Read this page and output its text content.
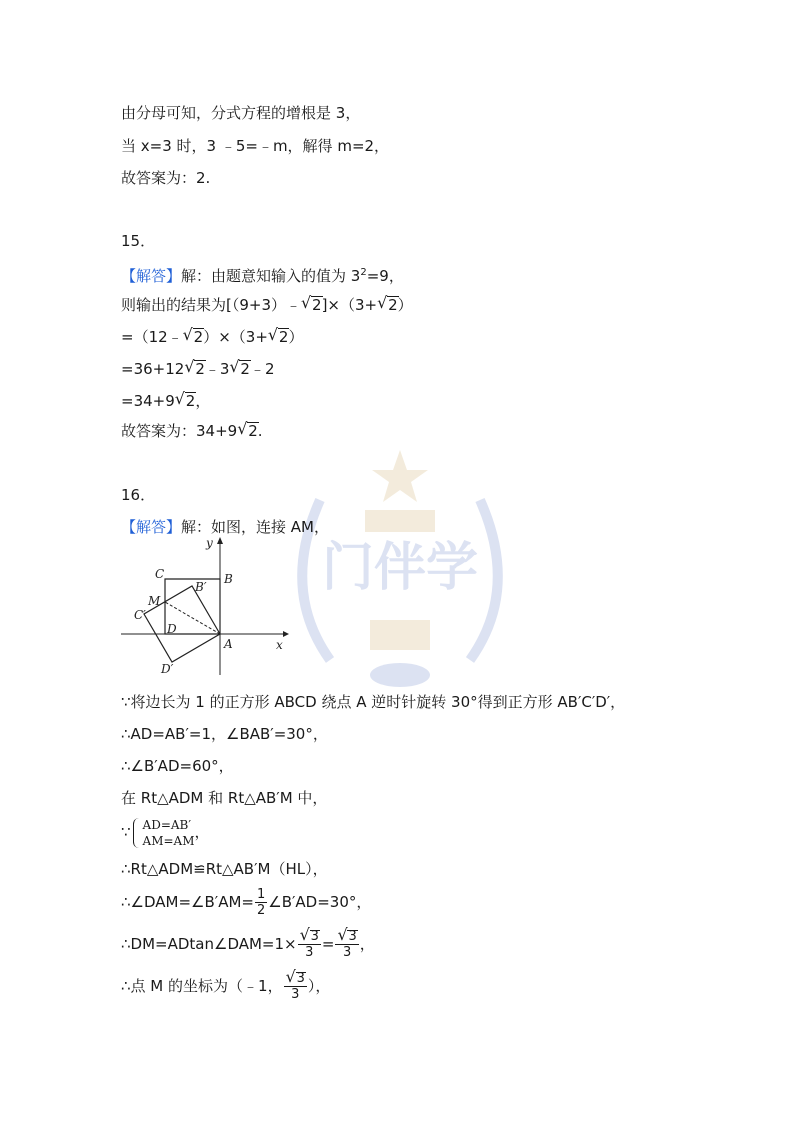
门伴学
由分母可知，分式方程的增根是 3，
当 x=3 时，3 ﹣5=﹣m，解得 m=2，
故答案为：2.
15．
【解答】解：由题意知输入的值为 $3^2=9$，
则输出的结果为[（9+3）﹣ √ 2]×（3+ √ 2）
=（12﹣ √ 2）×（3+ √ 2）
=36+12 √ 2﹣3 √ 2﹣2
=34+9 √ 2，
故答案为：34+9 √ 2.
16．
【解答】解：如图，连接 AM，
y
x
C	B
B′
M
C′
D
A
D′
∵将边长为 1 的正方形 ABCD 绕点 A 逆时针旋转 30°得到正方形 AB′C′D′，
∴AD=AB′=1，∠BAB′=30°，
∴∠B′AD=60°，
在 Rt△ADM 和 Rt△AB′M 中，
∵ AD=AB′
AM=AM ，
∴Rt△ADM≌Rt△AB′M（HL），
∴∠DAM=∠B′AM= $\frac{1}{2}$ ∠B′AD=30°，
∴DM=ADtan∠DAM=1× √ $\frac{3}{3}$ = √ $\frac{3}{3}$ ，
∴点 M 的坐标为（﹣1， √ $\frac{3}{3}$ ），
